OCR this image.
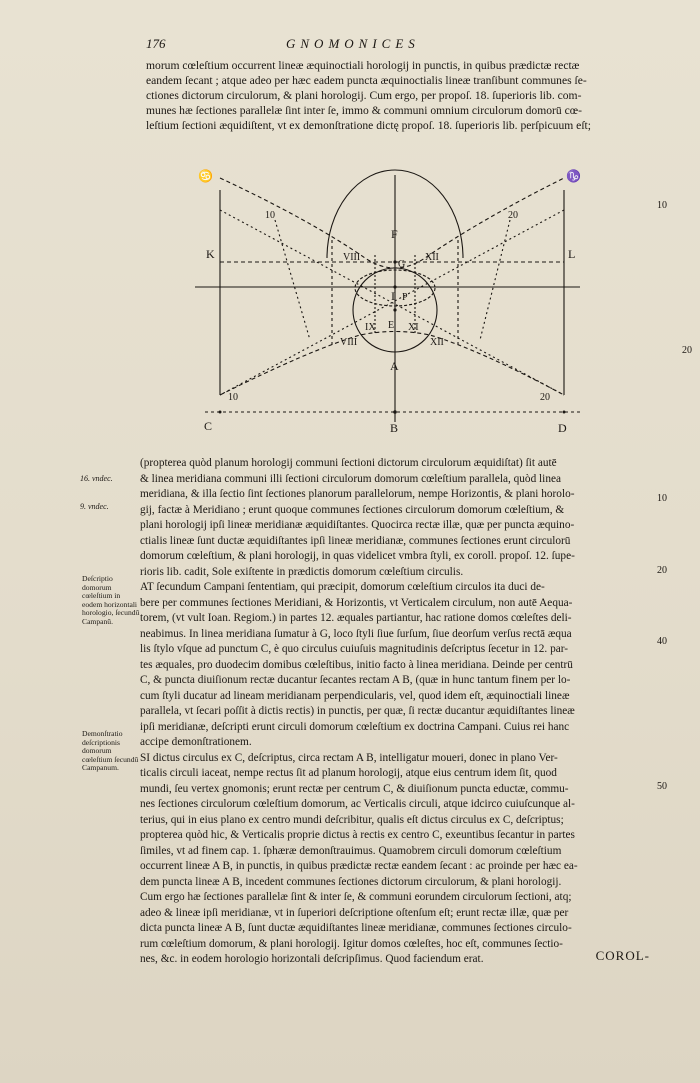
176	GNOMONICES

morum cœleſtium occurrent lineæ æquinoctiali horologij in punctis, in quibus prædictæ rectæ

eandem ſecant ; atque adeo per hæc eadem puncta æquinoctialis lineæ tranſibunt communes ſe-

ctiones dictorum circulorum, & plani horologij. Cum ergo, per propoſ. 18. ſuperioris lib. com-

munes hæ ſectiones parallelæ ſint inter ſe, immo & communi omnium circulorum domorū cœ-

leſtium ſectioni æquidiſtent, vt ex demonſtratione dictę propoſ. 18. ſuperioris lib. perſpicuum eſt;

10
20
♋	♑
K	L
F
G
I
E
A
C	B	D
P
VIII	XII
IX	XI
VIII	XII
10	20
10	20
16. vndec.
9. vndec.
Deſcriptio domorum cœleſtium in eodem horizontali horologio, ſecundū Campanū.
Demonſtratio deſcriptionis domorum cœleſtium ſecundū Campanum.
10
20
40
50

(propterea quòd planum horologij communi ſectioni dictorum circulorum æquidiſtat) ſit autē

& linea meridiana communi illi ſectioni circulorum domorum cœleſtium parallela, quòd linea

meridiana, & illa ſectio ſint ſectiones planorum parallelorum, nempe Horizontis, & plani horolo-

gij, factæ à Meridiano ; erunt quoque communes ſectiones circulorum domorum cœleſtium, &

plani horologij ipſi lineæ meridianæ æquidiſtantes. Quocirca rectæ illæ, quæ per puncta æquino-

ctialis lineæ ſunt ductæ æquidiſtantes ipſi lineæ meridianæ, communes ſectiones erunt circulorū

domorum cœleſtium, & plani horologij, in quas videlicet vmbra ſtyli, ex coroll. propoſ. 12. ſupe-

rioris lib. cadit, Sole exiſtente in prædictis domorum cœleſtium circulis.

AT ſecundum Campani ſententiam, qui præcipit, domorum cœleſtium circulos ita duci de-

bere per communes ſectiones Meridiani, & Horizontis, vt Verticalem circulum, non autē Aequa-

torem, (vt vult Ioan. Regiom.) in partes 12. æquales partiantur, hac ratione domos cœleſtes deli-

neabimus. In linea meridiana ſumatur à G, loco ſtyli ſiue ſurſum, ſiue deorſum verſus rectā æqua

lis ſtylo vſque ad punctum C, è quo circulus cuiuſuis magnitudinis deſcriptus ſecetur in 12. par-

tes æquales, pro duodecim domibus cœleſtibus, initio facto à linea meridiana. Deinde per centrū

C, & puncta diuiſionum rectæ ducantur ſecantes rectam A B, (quæ in hunc tantum finem per lo-

cum ſtyli ducatur ad lineam meridianam perpendicularis, vel, quod idem eſt, æquinoctiali lineæ

parallela, vt ſecari poſſit à dictis rectis) in punctis, per quæ, ſi rectæ ducantur æquidiſtantes lineæ

ipſi meridianæ, deſcripti erunt circuli domorum cœleſtium ex doctrina Campani. Cuius rei hanc

accipe demonſtrationem.

SI dictus circulus ex C, deſcriptus, circa rectam A B, intelligatur moueri, donec in plano Ver-

ticalis circuli iaceat, nempe rectus ſit ad planum horologij, atque eius centrum idem ſit, quod

mundi, ſeu vertex gnomonis; erunt rectæ per centrum C, & diuiſionum puncta eductæ, commu-

nes ſectiones circulorum cœleſtium domorum, ac Verticalis circuli, atque idcirco cuiuſcunque al-

terius, qui in eius plano ex centro mundi deſcribitur, qualis eſt dictus circulus ex C, deſcriptus;

propterea quòd hic, & Verticalis proprie dictus à rectis ex centro C, exeuntibus ſecantur in partes

ſimiles, vt ad finem cap. 1. ſphæræ demonſtrauimus. Quamobrem circuli domorum cœleſtium

occurrent lineæ A B, in punctis, in quibus prædictæ rectæ eandem ſecant : ac proinde per hæc ea-

dem puncta lineæ A B, incedent communes ſectiones dictorum circulorum, & plani horologij.

Cum ergo hæ ſectiones parallelæ ſint & inter ſe, & communi eorundem circulorum ſectioni, atq;

adeo & lineæ ipſi meridianæ, vt in ſuperiori deſcriptione oſtenſum eſt; erunt rectæ illæ, quæ per

dicta puncta lineæ A B, ſunt ductæ æquidiſtantes lineæ meridianæ, communes ſectiones circulo-

rum cœleſtium domorum, & plani horologij. Igitur domos cœleſtes, hoc eſt, communes ſectio-

nes, &c. in eodem horologio horizontali deſcripſimus. Quod faciendum erat.	COROL-
